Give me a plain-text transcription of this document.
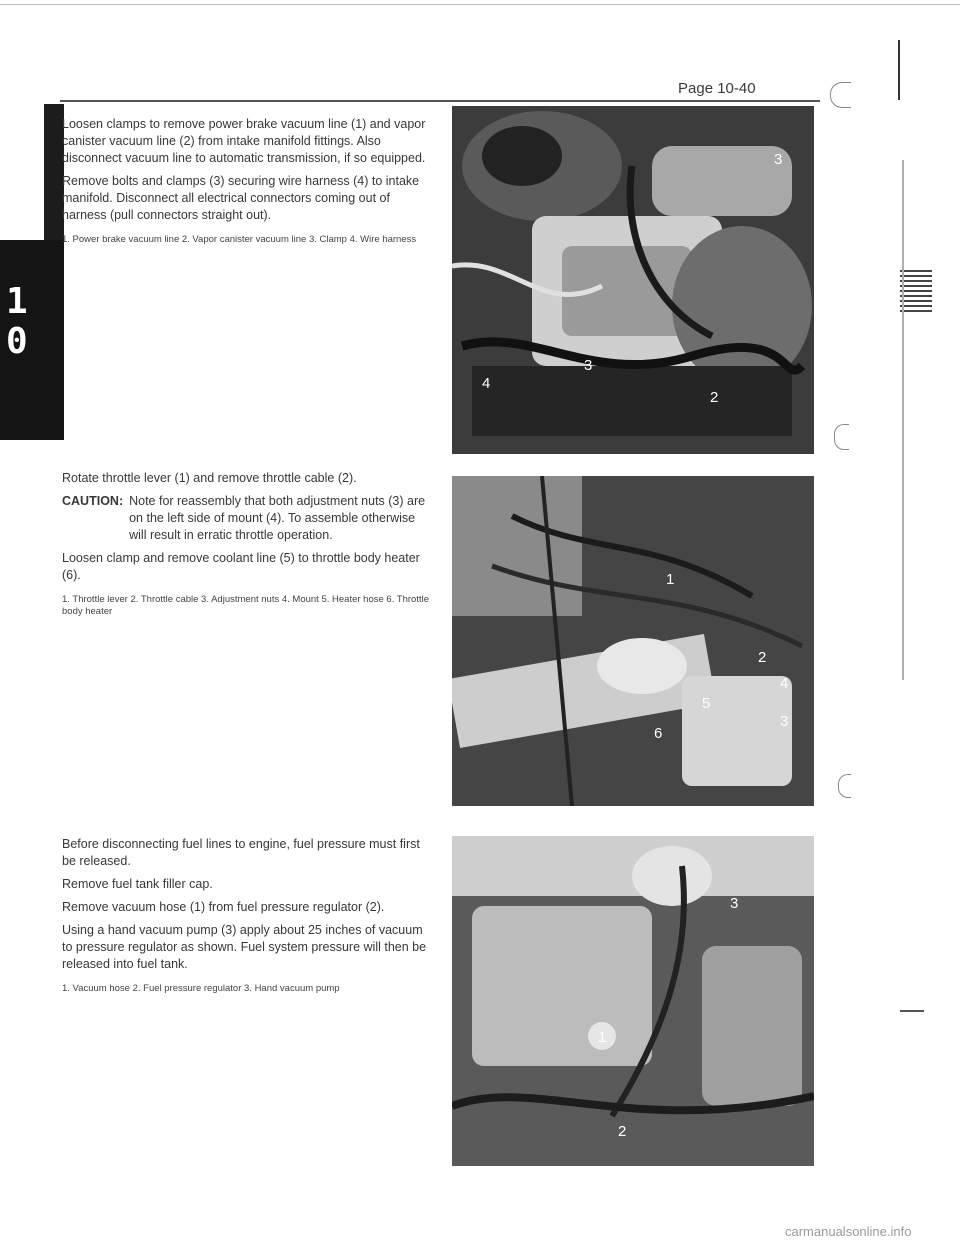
Page 10-40
1
0

Loosen clamps to remove power brake vacuum line (1) and vapor canister vacuum line (2) from intake manifold fittings. Also disconnect vacuum line to automatic transmission, if so equipped.

Remove bolts and clamps (3) securing wire harness (4) to intake manifold. Disconnect all electrical connectors coming out of harness (pull connectors straight out).

1. Power brake vacuum line 2. Vapor canister vacuum line 3. Clamp 4. Wire harness

3
3
4
2

Rotate throttle lever (1) and remove throttle cable (2).

CAUTION: Note for reassembly that both adjustment nuts (3) are on the left side of mount (4). To assemble otherwise will result in erratic throttle operation.

Loosen clamp and remove coolant line (5) to throttle body heater (6).

1. Throttle lever 2. Throttle cable 3. Adjustment nuts 4. Mount 5. Heater hose 6. Throttle body heater

1
2
4
3
5
6

Before disconnecting fuel lines to engine, fuel pressure must first be released.

Remove fuel tank filler cap.

Remove vacuum hose (1) from fuel pressure regulator (2).

Using a hand vacuum pump (3) apply about 25 inches of vacuum to pressure regulator as shown. Fuel system pressure will then be released into fuel tank.

1. Vacuum hose 2. Fuel pressure regulator 3. Hand vacuum pump

3
1
2
carmanualsonline.info
